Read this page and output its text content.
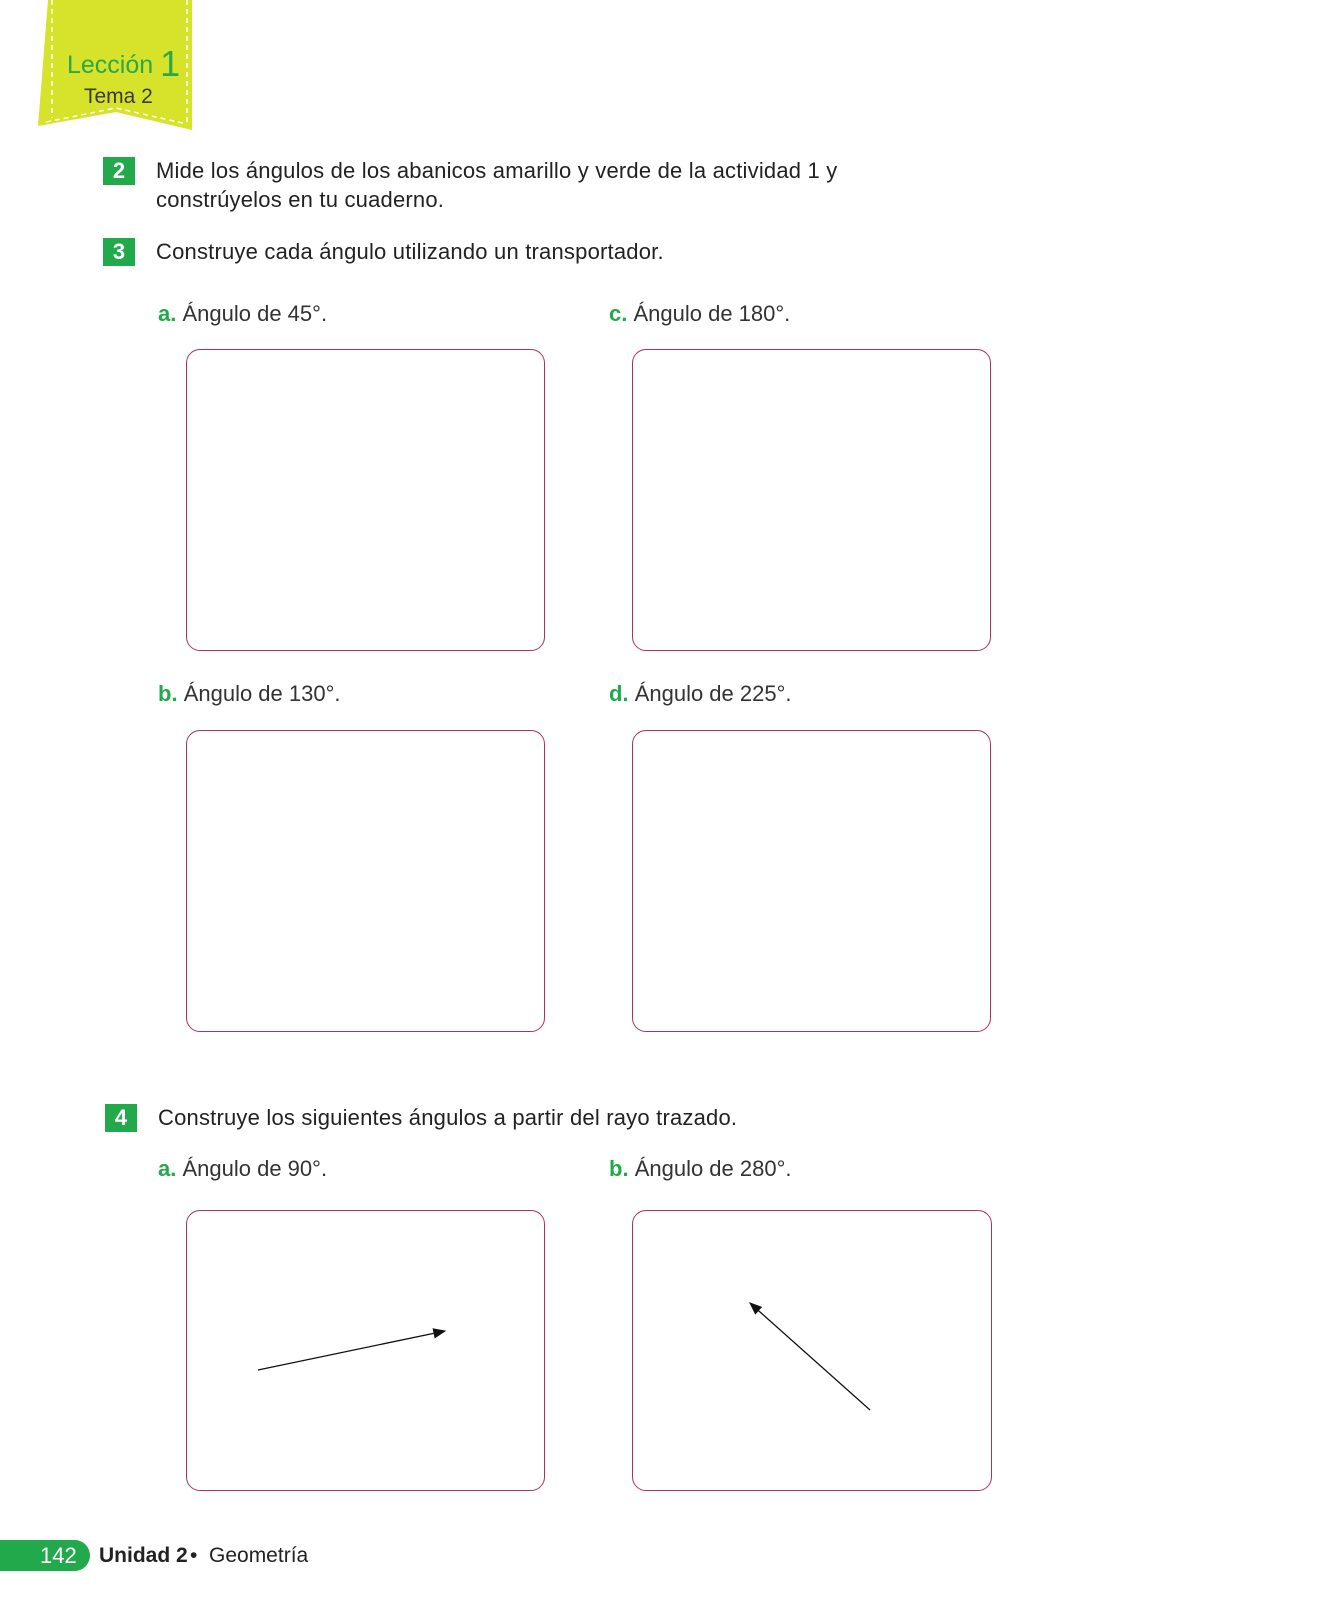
Lección 1
Tema 2
2	Mide los ángulos de los abanicos amarillo y verde de la actividad 1 y
constrúyelos en tu cuaderno.
3	Construye cada ángulo utilizando un transportador.
a. Ángulo de 45°.	c. Ángulo de 180°.
b. Ángulo de 130°.	d. Ángulo de 225°.
4	Construye los siguientes ángulos a partir del rayo trazado.
a. Ángulo de 90°.	b. Ángulo de 280°.
142 Unidad 2 • Geometría
